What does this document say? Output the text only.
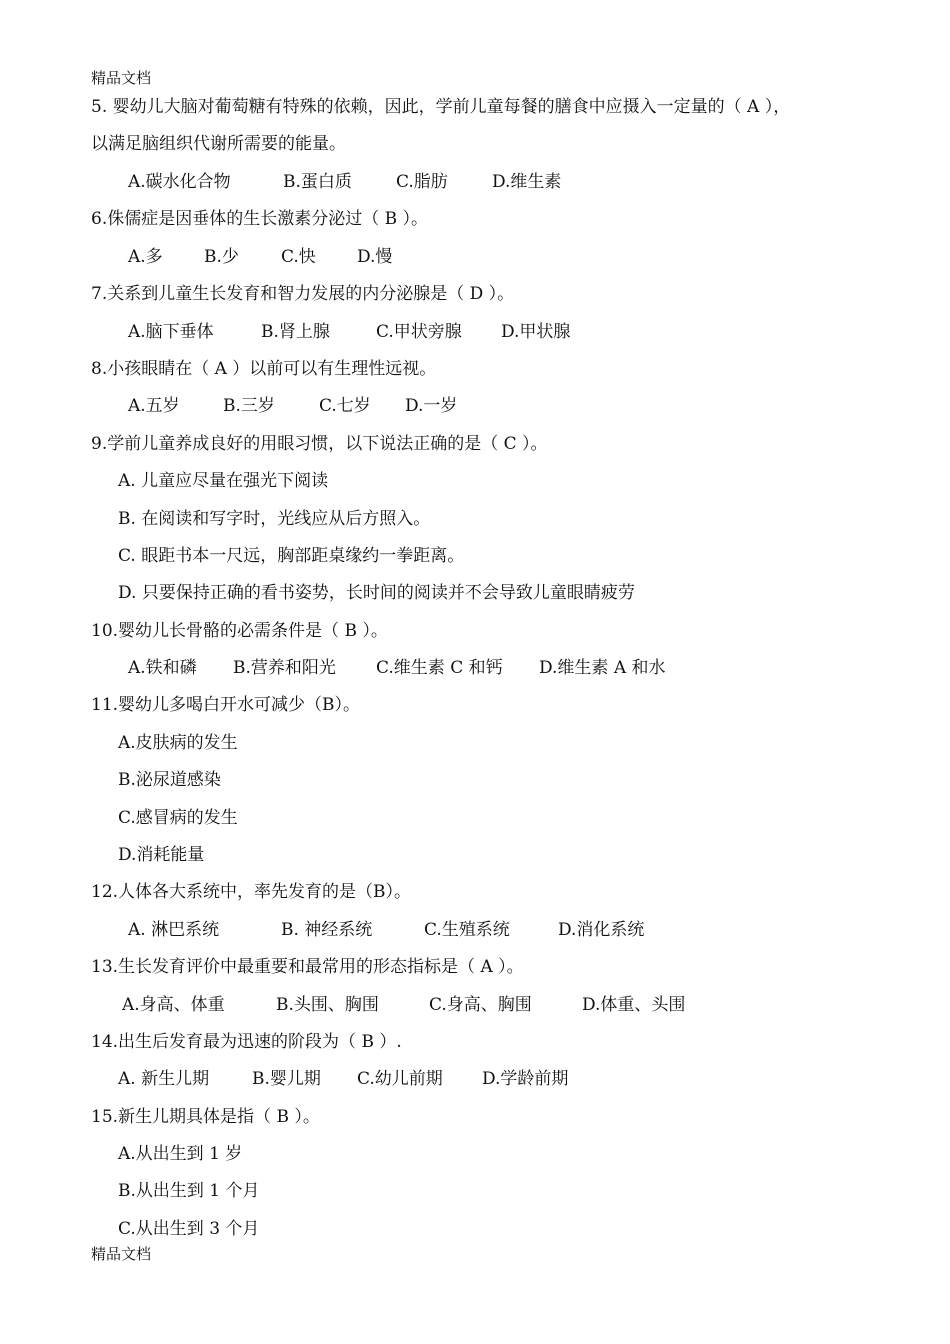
精品文档
5. 婴幼儿大脑对葡萄糖有特殊的依赖，因此，学前儿童每餐的膳食中应摄入一定量的（ A ），
以满足脑组织代谢所需要的能量。
A.碳水化合物	B.蛋白质	C.脂肪	D.维生素
6.侏儒症是因垂体的生长激素分泌过（ B ）。
A.多 B.少 C.快 D.慢
7.关系到儿童生长发育和智力发展的内分泌腺是（ D ）。
A.脑下垂体	B.肾上腺	C.甲状旁腺 D.甲状腺
8.小孩眼睛在（ A ）以前可以有生理性远视。
A.五岁	B.三岁	C.七岁 D.一岁
9.学前儿童养成良好的用眼习惯，以下说法正确的是（ C ）。
A. 儿童应尽量在强光下阅读
B. 在阅读和写字时，光线应从后方照入。
C. 眼距书本一尺远，胸部距桌缘约一拳距离。
D. 只要保持正确的看书姿势，长时间的阅读并不会导致儿童眼睛疲劳
10.婴幼儿长骨骼的必需条件是（ B ）。
A.铁和磷 B.营养和阳光 C.维生素 C 和钙 D.维生素 A 和水
11.婴幼儿多喝白开水可减少（B）。
A.皮肤病的发生
B.泌尿道感染
C.感冒病的发生
D.消耗能量
12.人体各大系统中，率先发育的是（B）。
A. 淋巴系统	B. 神经系统	C.生殖系统	D.消化系统
13.生长发育评价中最重要和最常用的形态指标是（ A ）。
A.身高、体重	B.头围、胸围	C.身高、胸围	D.体重、头围
14.出生后发育最为迅速的阶段为（ B ）.
A. 新生儿期	B.婴儿期 C.幼儿前期 D.学龄前期
15.新生儿期具体是指（ B ）。
A.从出生到 1 岁
B.从出生到 1 个月
C.从出生到 3 个月
精品文档
